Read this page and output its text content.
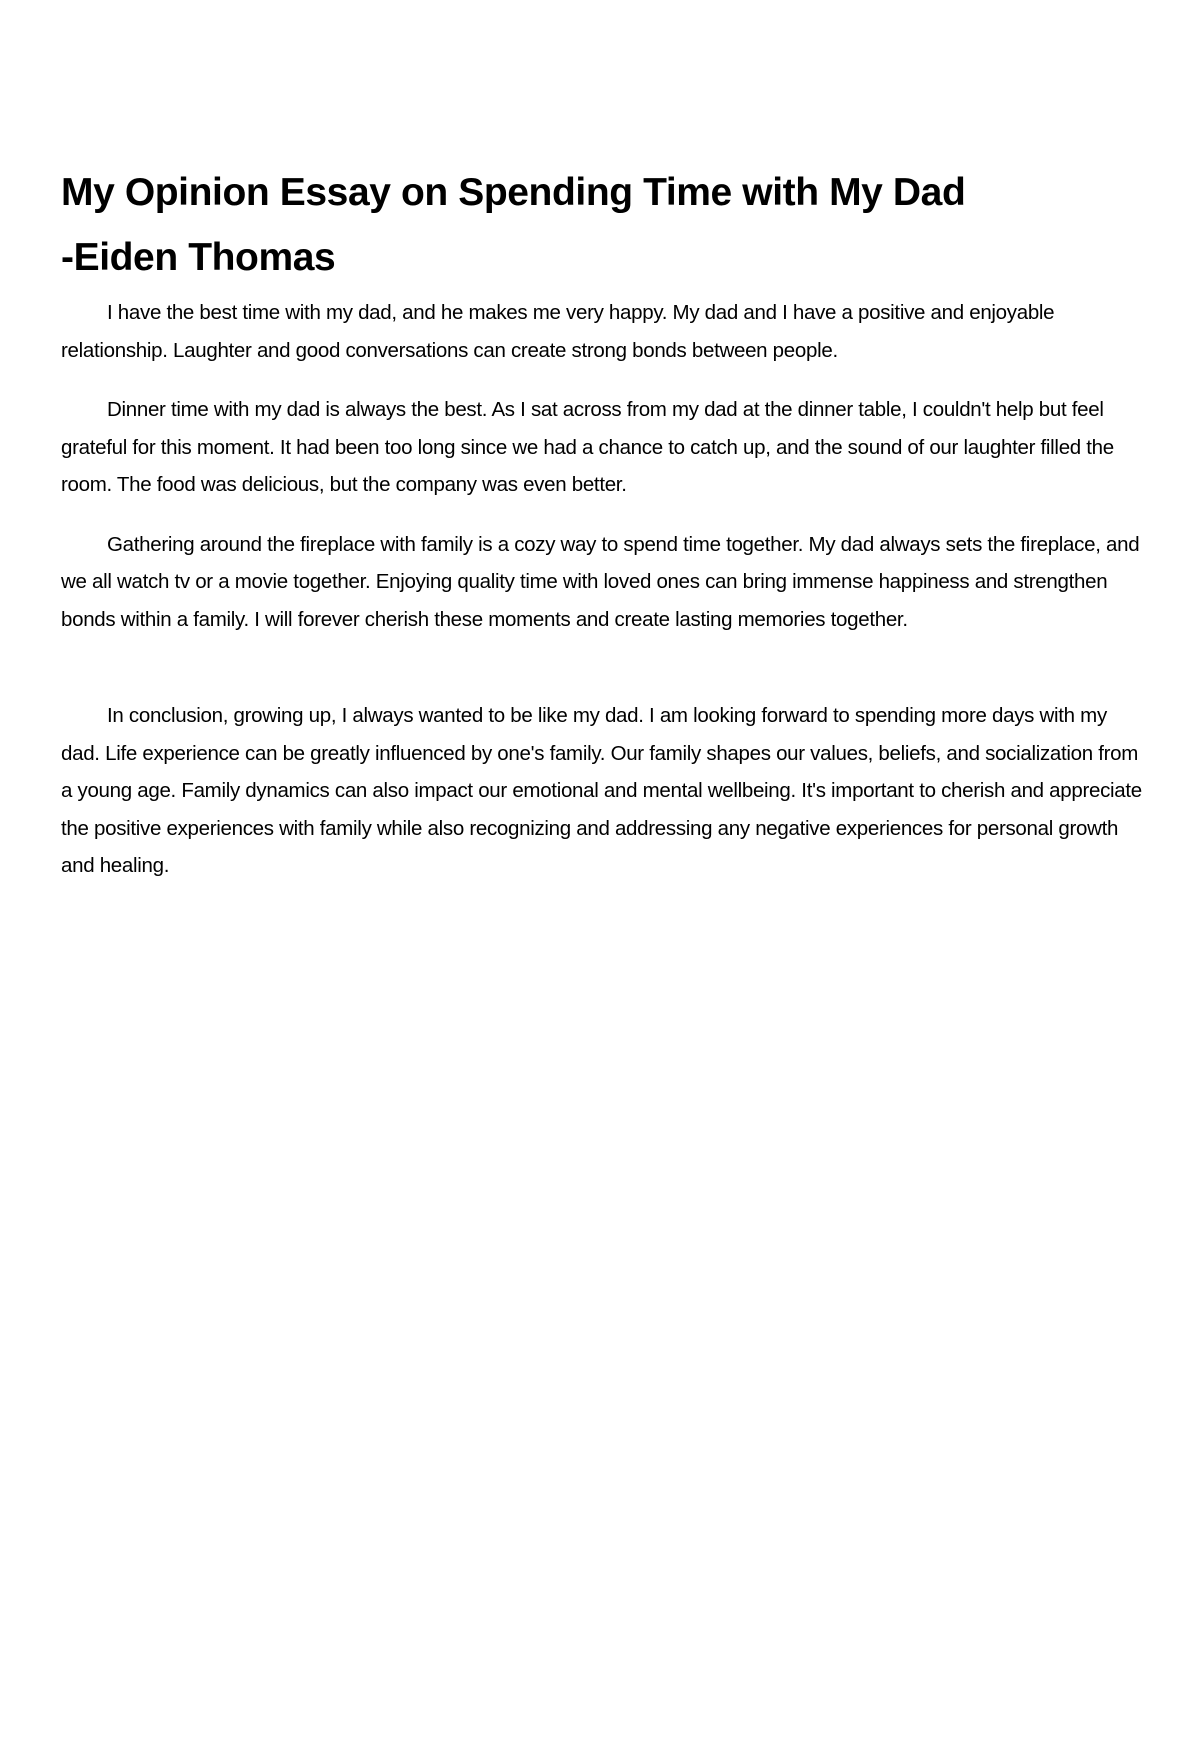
My Opinion Essay on Spending Time with My Dad
-Eiden Thomas

I have the best time with my dad, and he makes me very happy. My dad and I have a positive and enjoyable relationship. Laughter and good conversations can create strong bonds between people.

Dinner time with my dad is always the best. As I sat across from my dad at the dinner table, I couldn't help but feel grateful for this moment. It had been too long since we had a chance to catch up, and the sound of our laughter filled the room. The food was delicious, but the company was even better.

Gathering around the fireplace with family is a cozy way to spend time together. My dad always sets the fireplace, and we all watch tv or a movie together. Enjoying quality time with loved ones can bring immense happiness and strengthen bonds within a family. I will forever cherish these moments and create lasting memories together.

In conclusion, growing up, I always wanted to be like my dad. I am looking forward to spending more days with my dad. Life experience can be greatly influenced by one's family. Our family shapes our values, beliefs, and socialization from a young age. Family dynamics can also impact our emotional and mental wellbeing. It's important to cherish and appreciate the positive experiences with family while also recognizing and addressing any negative experiences for personal growth and healing.
